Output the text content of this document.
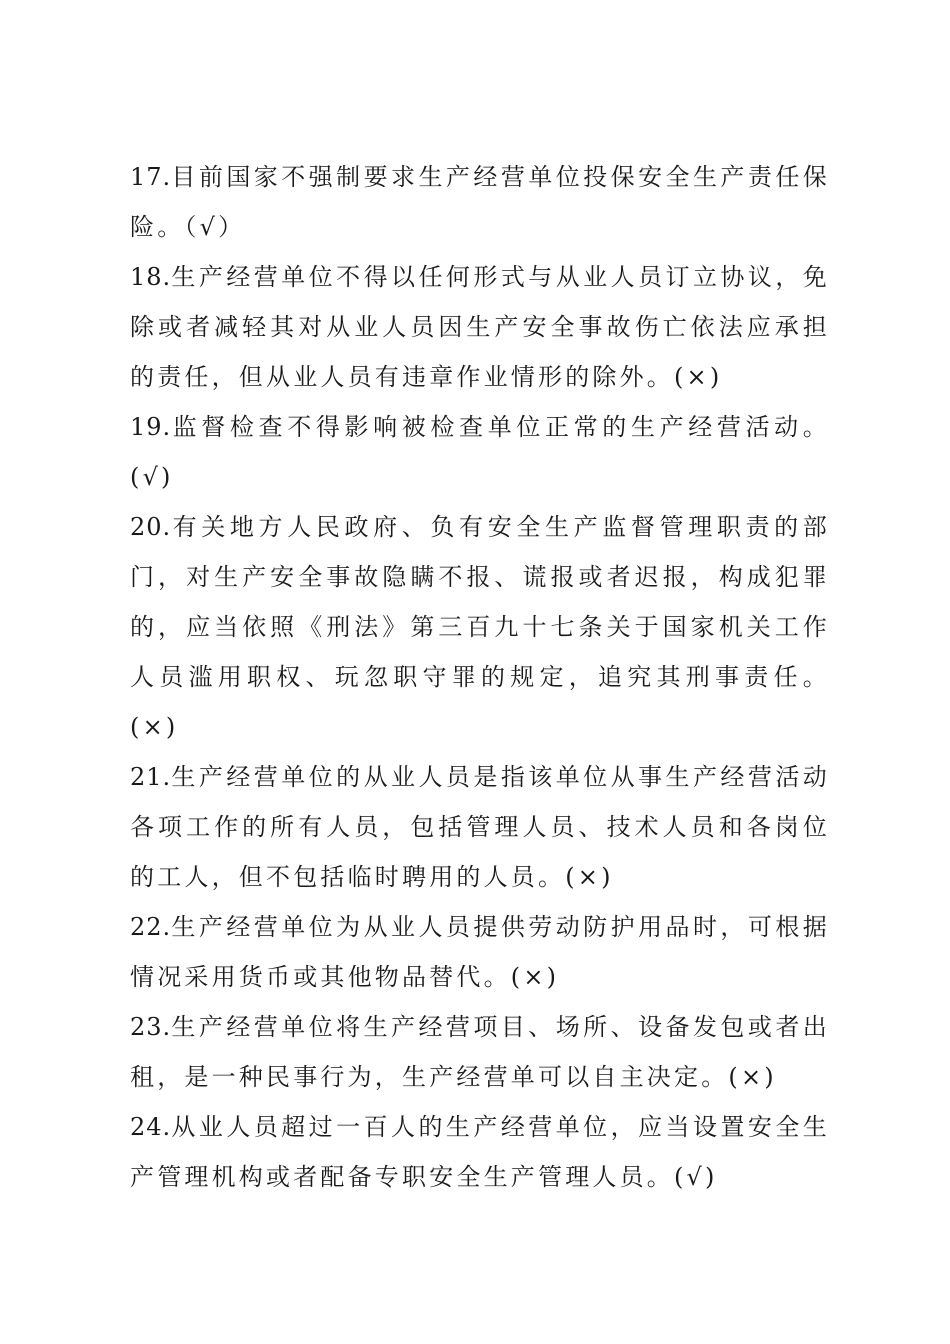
17.目前国家不强制要求生产经营单位投保安全生产责任保险。（√）

18.生产经营单位不得以任何形式与从业人员订立协议，免除或者减轻其对从业人员因生产安全事故伤亡依法应承担的责任，但从业人员有违章作业情形的除外。(×)

19.监督检查不得影响被检查单位正常的生产经营活动。(√)

20.有关地方人民政府、负有安全生产监督管理职责的部门，对生产安全事故隐瞒不报、谎报或者迟报，构成犯罪的，应当依照《刑法》第三百九十七条关于国家机关工作人员滥用职权、玩忽职守罪的规定，追究其刑事责任。(×)

21.生产经营单位的从业人员是指该单位从事生产经营活动各项工作的所有人员，包括管理人员、技术人员和各岗位的工人，但不包括临时聘用的人员。(×)

22.生产经营单位为从业人员提供劳动防护用品时，可根据情况采用货币或其他物品替代。(×)

23.生产经营单位将生产经营项目、场所、设备发包或者出租，是一种民事行为，生产经营单可以自主决定。(×)

24.从业人员超过一百人的生产经营单位，应当设置安全生产管理机构或者配备专职安全生产管理人员。(√)
